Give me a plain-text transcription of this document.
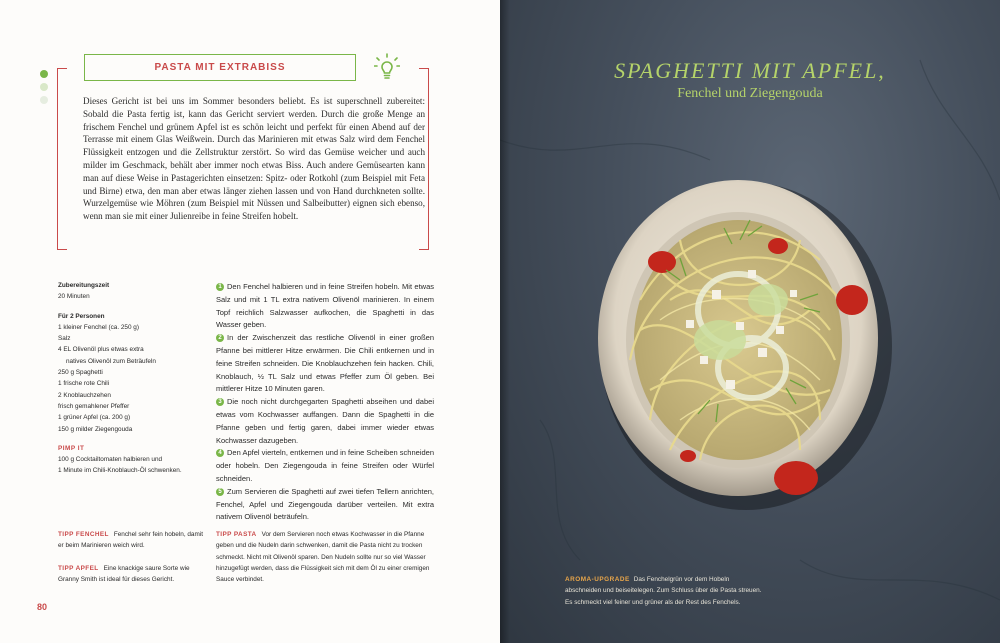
PASTA MIT EXTRABISS

Dieses Gericht ist bei uns im Sommer besonders beliebt. Es ist superschnell zubereitet: Sobald die Pasta fertig ist, kann das Gericht serviert werden. Durch die große Menge an frischem Fenchel und grünem Apfel ist es schön leicht und perfekt für einen Abend auf der Terrasse mit einem Glas Weißwein. Durch das Marinieren mit etwas Salz wird dem Fenchel Flüssigkeit entzogen und die Zellstruktur zerstört. So wird das Gemüse weicher und auch milder im Geschmack, behält aber immer noch etwas Biss. Auch andere Gemüsearten kann man auf diese Weise in Pastagerichten einsetzen: Spitz- oder Rotkohl (zum Beispiel mit Feta und Birne) etwa, den man aber etwas länger ziehen lassen und von Hand durchkneten sollte. Wurzelgemüse wie Möhren (zum Beispiel mit Nüssen und Salbeibutter) eignen sich ebenso, wenn man sie mit einer Julienreibe in feine Streifen hobelt.

Zubereitungszeit
20 Minuten
Für 2 Personen
1 kleiner Fenchel (ca. 250 g)
Salz
4 EL Olivenöl plus etwas extra
natives Olivenöl zum Beträufeln
250 g Spaghetti
1 frische rote Chili
2 Knoblauchzehen
frisch gemahlener Pfeffer
1 grüner Apfel (ca. 200 g)
150 g milder Ziegengouda
PIMP IT
100 g Cocktailtomaten halbieren und
1 Minute im Chili-Knoblauch-Öl schwenken.

1 Den Fenchel halbieren und in feine Streifen hobeln. Mit etwas Salz und mit 1 TL extra nativem Olivenöl marinieren. In einem Topf reichlich Salzwasser aufkochen, die Spaghetti in das Wasser geben.

2 In der Zwischenzeit das restliche Olivenöl in einer großen Pfanne bei mittlerer Hitze erwärmen. Die Chili entkernen und in feine Streifen schneiden. Die Knoblauchzehen fein hacken. Chili, Knoblauch, ½ TL Salz und etwas Pfeffer zum Öl geben. Bei mittlerer Hitze 10 Minuten garen.

3 Die noch nicht durchgegarten Spaghetti abseihen und dabei etwas vom Kochwasser auffangen. Dann die Spaghetti in die Pfanne geben und fertig garen, dabei immer wieder etwas Kochwasser dazugeben.

4 Den Apfel vierteln, entkernen und in feine Scheiben schneiden oder hobeln. Den Ziegengouda in feine Streifen oder Würfel schneiden.

5 Zum Servieren die Spaghetti auf zwei tiefen Tellern anrichten, Fenchel, Apfel und Ziegengouda darüber verteilen. Mit extra nativem Olivenöl beträufeln.

TIPP FENCHEL Fenchel sehr fein hobeln, damit er beim Marinieren weich wird.
TIPP APFEL Eine knackige saure Sorte wie Granny Smith ist ideal für dieses Gericht.
TIPP PASTA Vor dem Servieren noch etwas Kochwasser in die Pfanne geben und die Nudeln darin schwenken, damit die Pasta nicht zu trocken schmeckt. Nicht mit Olivenöl sparen. Den Nudeln sollte nur so viel Wasser hinzugefügt werden, dass die Flüssigkeit sich mit dem Öl zu einer cremigen Sauce verbindet.
80
SPAGHETTI MIT APFEL,
Fenchel und Ziegengouda
AROMA-UPGRADE Das Fenchelgrün vor dem Hobeln abschneiden und beiseitelegen. Zum Schluss über die Pasta streuen. Es schmeckt viel feiner und grüner als der Rest des Fenchels.
